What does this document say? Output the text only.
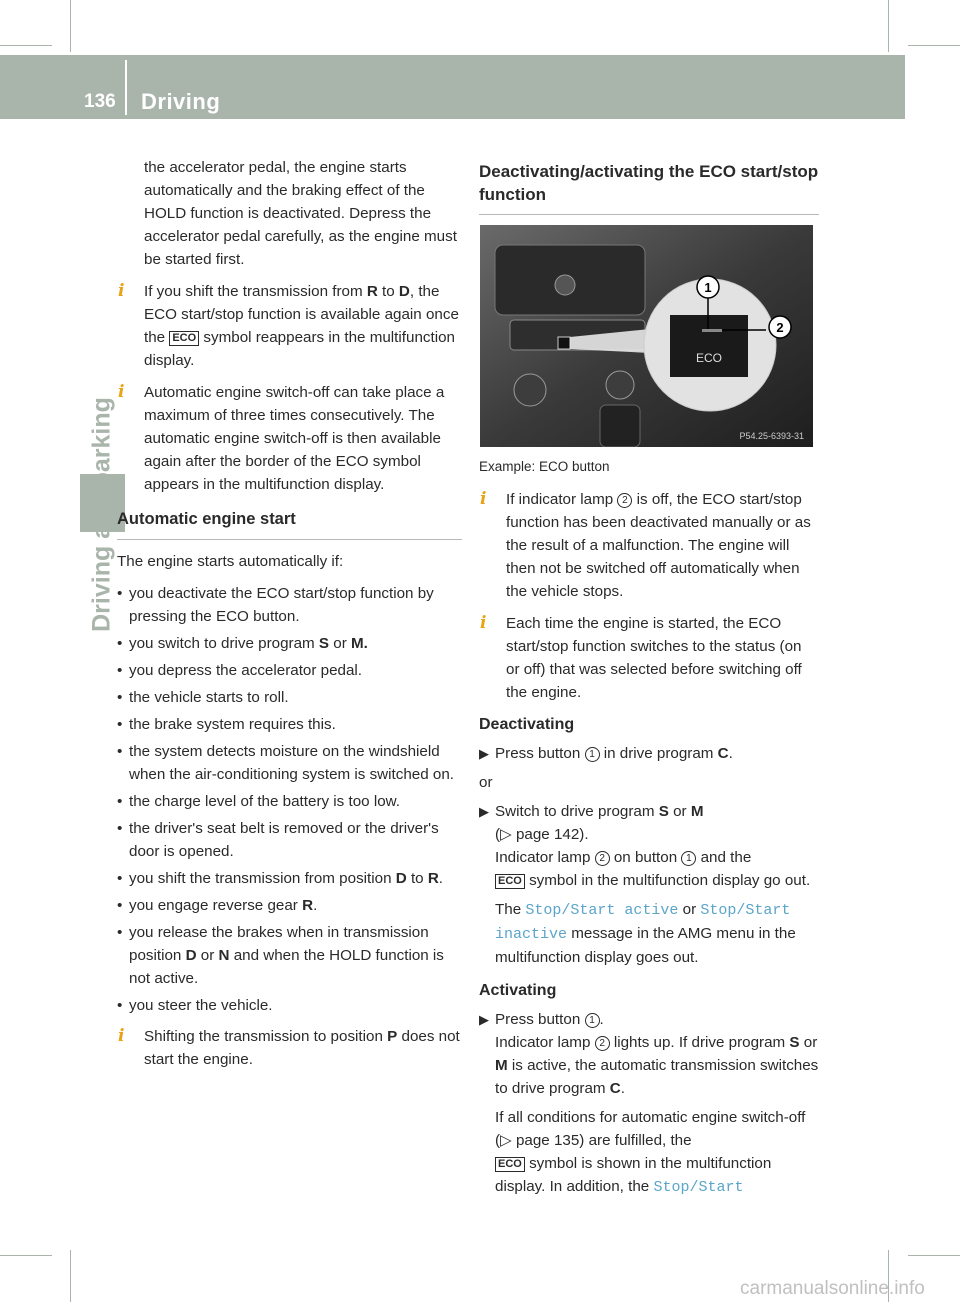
136 Driving

the accelerator pedal, the engine starts automatically and the braking effect of the HOLD function is deactivated. Depress the accelerator pedal carefully, as the engine must be started first.

i	If you shift the transmission from R to D, the ECO start/stop function is available again once the ECO symbol reappears in the multifunction display.
i	Automatic engine switch-off can take place a maximum of three times consecutively. The automatic engine switch-off is then available again after the border of the ECO symbol appears in the multifunction display.
Automatic engine start

The engine starts automatically if:

• you deactivate the ECO start/stop function by pressing the ECO button.
• you switch to drive program S or M.
• you depress the accelerator pedal.
• the vehicle starts to roll.
• the brake system requires this.
• the system detects moisture on the windshield when the air-conditioning system is switched on.
• the charge level of the battery is too low.
• the driver's seat belt is removed or the driver's door is opened.
• you shift the transmission from position D to R.
• you engage reverse gear R.
• you release the brakes when in transmission position D or N and when the HOLD function is not active.
• you steer the vehicle.
i	Shifting the transmission to position P does not start the engine.
Deactivating/activating the ECO start/stop function
ECO
1
2
P54.25-6393-31
Example: ECO button
i	If indicator lamp 2 is off, the ECO start/stop function has been deactivated manually or as the result of a malfunction. The engine will then not be switched off automatically when the vehicle stops.
i	Each time the engine is started, the ECO start/stop function switches to the status (on or off) that was selected before switching off the engine.
Deactivating
▶ Press button 1 in drive program C.

or

▶ Switch to drive program S or M
(▷ page 142).
Indicator lamp 2 on button 1 and the
ECO symbol in the multifunction display go out.
The Stop/Start active or Stop/Start inactive message in the AMG menu in the multifunction display goes out.
Activating
▶ Press button 1 .
Indicator lamp 2 lights up. If drive program S or M is active, the automatic transmission switches to drive program C.
If all conditions for automatic engine switch-off (▷ page 135) are fulfilled, the
ECO symbol is shown in the multifunction display. In addition, the Stop/Start
carmanualsonline.info
